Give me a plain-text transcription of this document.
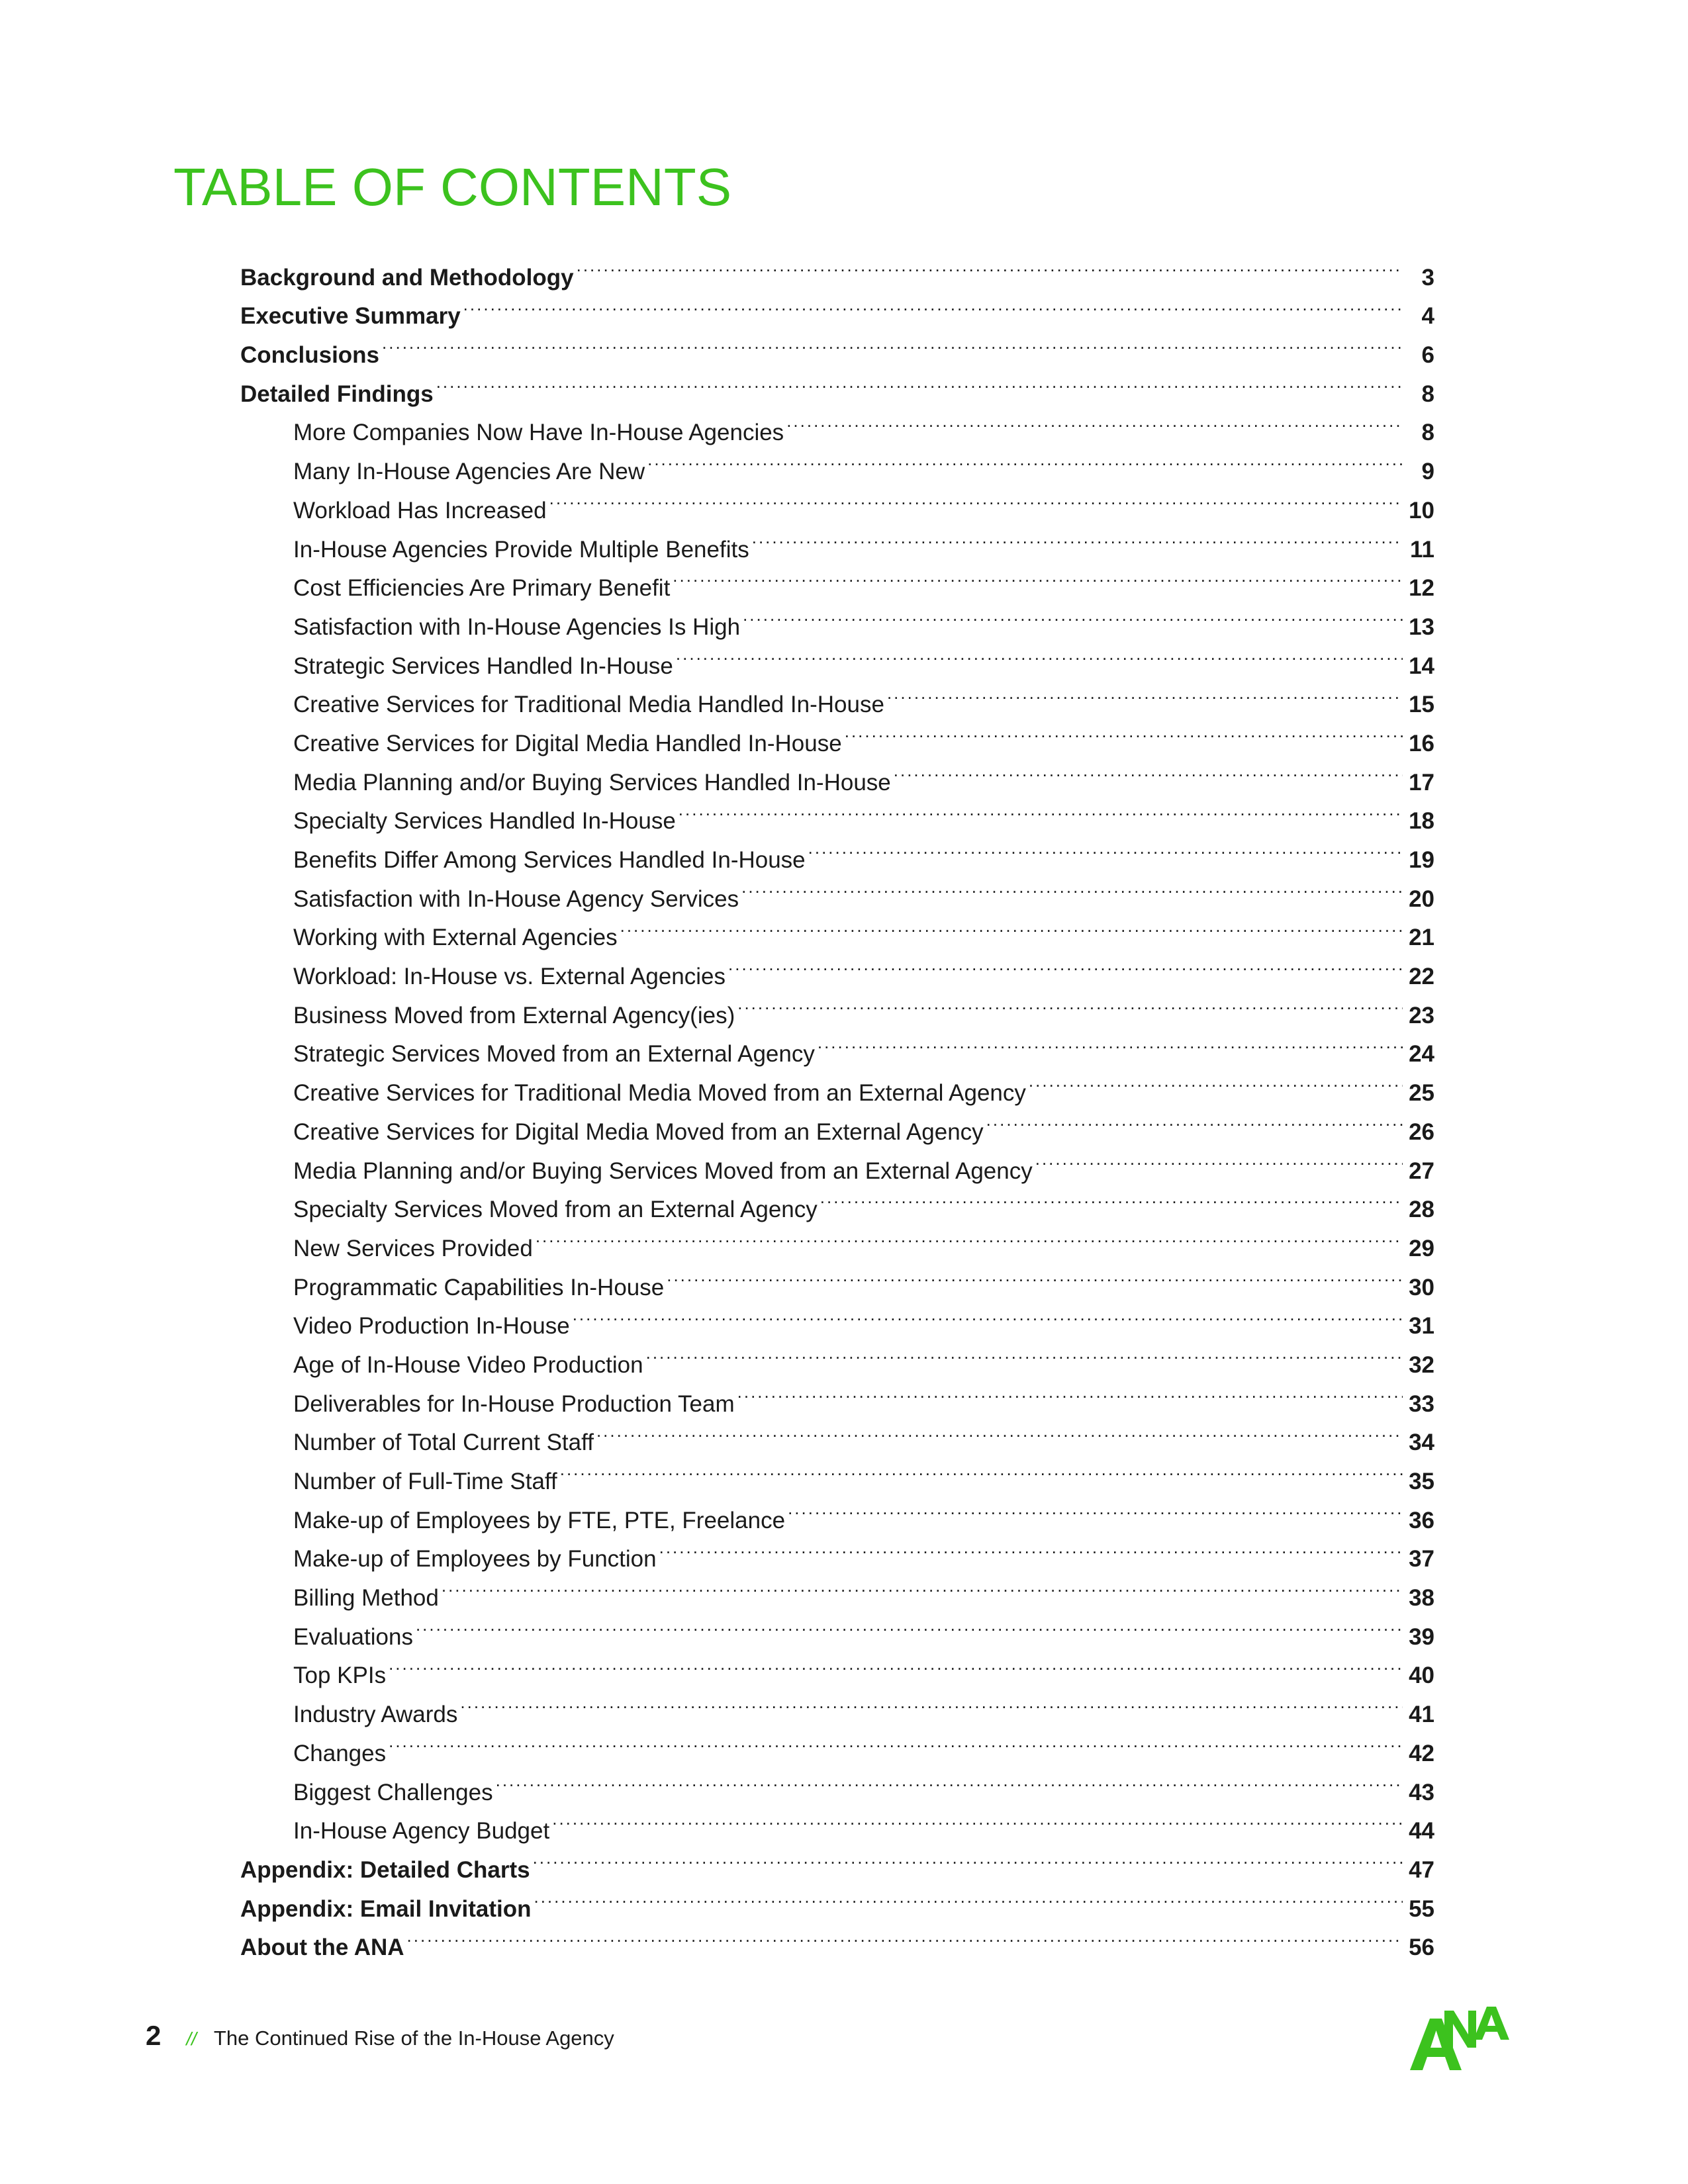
TABLE OF CONTENTS
Background and Methodology .....	3
Executive Summary .....	4
Conclusions .....	6
Detailed Findings .....	8
More Companies Now Have In-House Agencies .....	8
Many In-House Agencies Are New .....	9
Workload Has Increased .....	10
In-House Agencies Provide Multiple Benefits .....	11
Cost Efficiencies Are Primary Benefit .....	12
Satisfaction with In-House Agencies Is High .....	13
Strategic Services Handled In-House .....	14
Creative Services for Traditional Media Handled In-House .....	15
Creative Services for Digital Media Handled In-House .....	16
Media Planning and/or Buying Services Handled In-House .....	17
Specialty Services Handled In-House .....	18
Benefits Differ Among Services Handled In-House .....	19
Satisfaction with In-House Agency Services .....	20
Working with External Agencies .....	21
Workload: In-House vs. External Agencies .....	22
Business Moved from External Agency(ies) .....	23
Strategic Services Moved from an External Agency .....	24
Creative Services for Traditional Media Moved from an External Agency .....	25
Creative Services for Digital Media Moved from an External Agency .....	26
Media Planning and/or Buying Services Moved from an External Agency .....	27
Specialty Services Moved from an External Agency .....	28
New Services Provided .....	29
Programmatic Capabilities In-House .....	30
Video Production In-House .....	31
Age of In-House Video Production .....	32
Deliverables for In-House Production Team .....	33
Number of Total Current Staff .....	34
Number of Full-Time Staff .....	35
Make-up of Employees by FTE, PTE, Freelance .....	36
Make-up of Employees by Function .....	37
Billing Method .....	38
Evaluations .....	39
Top KPIs .....	40
Industry Awards .....	41
Changes .....	42
Biggest Challenges .....	43
In-House Agency Budget .....	44
Appendix: Detailed Charts .....	47
Appendix: Email Invitation .....	55
About the ANA .....	56
2 // The Continued Rise of the In-House Agency
